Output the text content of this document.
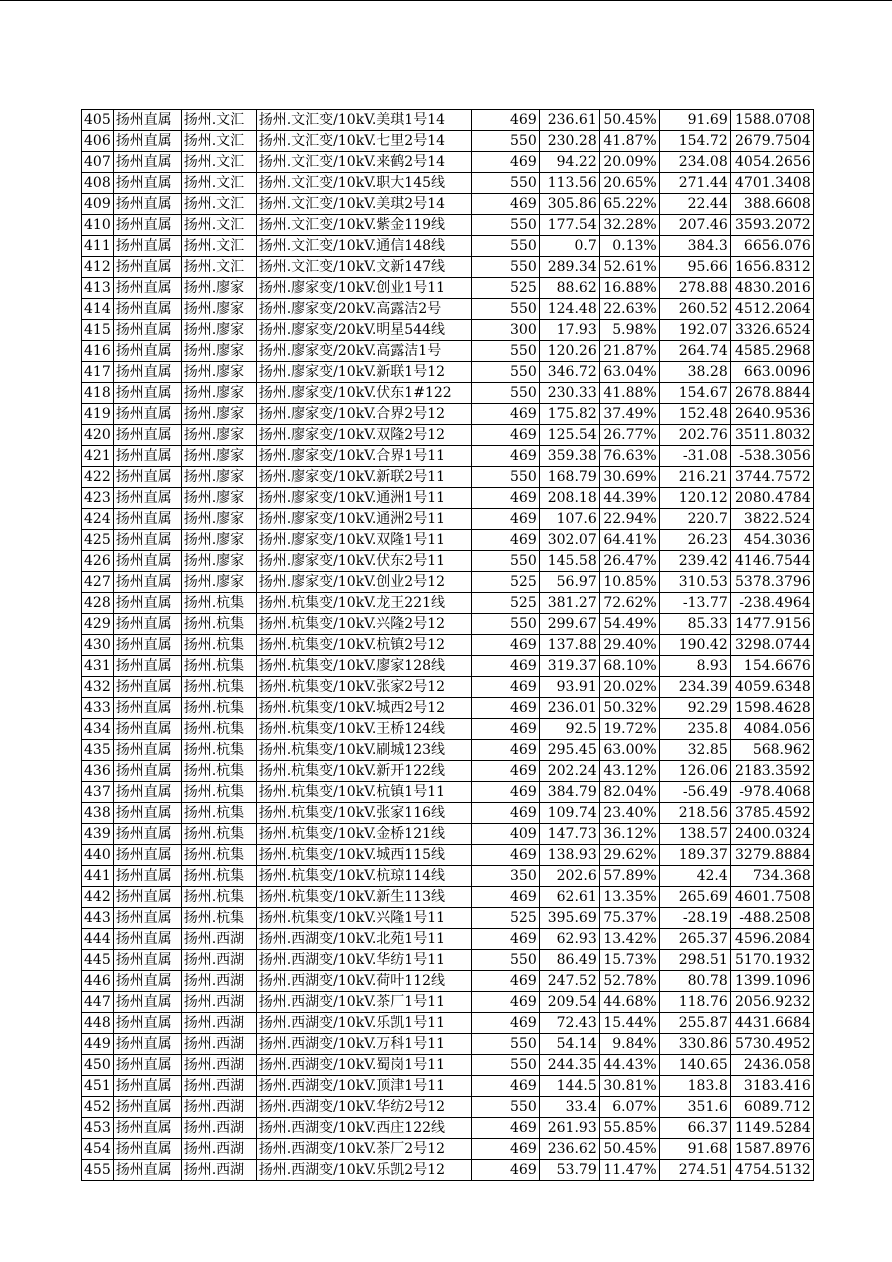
405	扬州直属	扬州.文汇	扬州.文汇变/10kV.美琪1号14	469	236.61	50.45%	91.69	1588.0708
406	扬州直属	扬州.文汇	扬州.文汇变/10kV.七里2号14	550	230.28	41.87%	154.72	2679.7504
407	扬州直属	扬州.文汇	扬州.文汇变/10kV.来鹤2号14	469	94.22	20.09%	234.08	4054.2656
408	扬州直属	扬州.文汇	扬州.文汇变/10kV.职大145线	550	113.56	20.65%	271.44	4701.3408
409	扬州直属	扬州.文汇	扬州.文汇变/10kV.美琪2号14	469	305.86	65.22%	22.44	388.6608
410	扬州直属	扬州.文汇	扬州.文汇变/10kV.紫金119线	550	177.54	32.28%	207.46	3593.2072
411	扬州直属	扬州.文汇	扬州.文汇变/10kV.通信148线	550	0.7	0.13%	384.3	6656.076
412	扬州直属	扬州.文汇	扬州.文汇变/10kV.文新147线	550	289.34	52.61%	95.66	1656.8312
413	扬州直属	扬州.廖家	扬州.廖家变/10kV.创业1号11	525	88.62	16.88%	278.88	4830.2016
414	扬州直属	扬州.廖家	扬州.廖家变/20kV.高露洁2号	550	124.48	22.63%	260.52	4512.2064
415	扬州直属	扬州.廖家	扬州.廖家变/20kV.明星544线	300	17.93	5.98%	192.07	3326.6524
416	扬州直属	扬州.廖家	扬州.廖家变/20kV.高露洁1号	550	120.26	21.87%	264.74	4585.2968
417	扬州直属	扬州.廖家	扬州.廖家变/10kV.新联1号12	550	346.72	63.04%	38.28	663.0096
418	扬州直属	扬州.廖家	扬州.廖家变/10kV.伏东1#122	550	230.33	41.88%	154.67	2678.8844
419	扬州直属	扬州.廖家	扬州.廖家变/10kV.合界2号12	469	175.82	37.49%	152.48	2640.9536
420	扬州直属	扬州.廖家	扬州.廖家变/10kV.双隆2号12	469	125.54	26.77%	202.76	3511.8032
421	扬州直属	扬州.廖家	扬州.廖家变/10kV.合界1号11	469	359.38	76.63%	-31.08	-538.3056
422	扬州直属	扬州.廖家	扬州.廖家变/10kV.新联2号11	550	168.79	30.69%	216.21	3744.7572
423	扬州直属	扬州.廖家	扬州.廖家变/10kV.通洲1号11	469	208.18	44.39%	120.12	2080.4784
424	扬州直属	扬州.廖家	扬州.廖家变/10kV.通洲2号11	469	107.6	22.94%	220.7	3822.524
425	扬州直属	扬州.廖家	扬州.廖家变/10kV.双隆1号11	469	302.07	64.41%	26.23	454.3036
426	扬州直属	扬州.廖家	扬州.廖家变/10kV.伏东2号11	550	145.58	26.47%	239.42	4146.7544
427	扬州直属	扬州.廖家	扬州.廖家变/10kV.创业2号12	525	56.97	10.85%	310.53	5378.3796
428	扬州直属	扬州.杭集	扬州.杭集变/10kV.龙王221线	525	381.27	72.62%	-13.77	-238.4964
429	扬州直属	扬州.杭集	扬州.杭集变/10kV.兴隆2号12	550	299.67	54.49%	85.33	1477.9156
430	扬州直属	扬州.杭集	扬州.杭集变/10kV.杭镇2号12	469	137.88	29.40%	190.42	3298.0744
431	扬州直属	扬州.杭集	扬州.杭集变/10kV.廖家128线	469	319.37	68.10%	8.93	154.6676
432	扬州直属	扬州.杭集	扬州.杭集变/10kV.张家2号12	469	93.91	20.02%	234.39	4059.6348
433	扬州直属	扬州.杭集	扬州.杭集变/10kV.城西2号12	469	236.01	50.32%	92.29	1598.4628
434	扬州直属	扬州.杭集	扬州.杭集变/10kV.王桥124线	469	92.5	19.72%	235.8	4084.056
435	扬州直属	扬州.杭集	扬州.杭集变/10kV.刷城123线	469	295.45	63.00%	32.85	568.962
436	扬州直属	扬州.杭集	扬州.杭集变/10kV.新开122线	469	202.24	43.12%	126.06	2183.3592
437	扬州直属	扬州.杭集	扬州.杭集变/10kV.杭镇1号11	469	384.79	82.04%	-56.49	-978.4068
438	扬州直属	扬州.杭集	扬州.杭集变/10kV.张家116线	469	109.74	23.40%	218.56	3785.4592
439	扬州直属	扬州.杭集	扬州.杭集变/10kV.金桥121线	409	147.73	36.12%	138.57	2400.0324
440	扬州直属	扬州.杭集	扬州.杭集变/10kV.城西115线	469	138.93	29.62%	189.37	3279.8884
441	扬州直属	扬州.杭集	扬州.杭集变/10kV.杭琼114线	350	202.6	57.89%	42.4	734.368
442	扬州直属	扬州.杭集	扬州.杭集变/10kV.新生113线	469	62.61	13.35%	265.69	4601.7508
443	扬州直属	扬州.杭集	扬州.杭集变/10kV.兴隆1号11	525	395.69	75.37%	-28.19	-488.2508
444	扬州直属	扬州.西湖	扬州.西湖变/10kV.北苑1号11	469	62.93	13.42%	265.37	4596.2084
445	扬州直属	扬州.西湖	扬州.西湖变/10kV.华纺1号11	550	86.49	15.73%	298.51	5170.1932
446	扬州直属	扬州.西湖	扬州.西湖变/10kV.荷叶112线	469	247.52	52.78%	80.78	1399.1096
447	扬州直属	扬州.西湖	扬州.西湖变/10kV.茶厂1号11	469	209.54	44.68%	118.76	2056.9232
448	扬州直属	扬州.西湖	扬州.西湖变/10kV.乐凯1号11	469	72.43	15.44%	255.87	4431.6684
449	扬州直属	扬州.西湖	扬州.西湖变/10kV.万科1号11	550	54.14	9.84%	330.86	5730.4952
450	扬州直属	扬州.西湖	扬州.西湖变/10kV.蜀岗1号11	550	244.35	44.43%	140.65	2436.058
451	扬州直属	扬州.西湖	扬州.西湖变/10kV.顶津1号11	469	144.5	30.81%	183.8	3183.416
452	扬州直属	扬州.西湖	扬州.西湖变/10kV.华纺2号12	550	33.4	6.07%	351.6	6089.712
453	扬州直属	扬州.西湖	扬州.西湖变/10kV.西庄122线	469	261.93	55.85%	66.37	1149.5284
454	扬州直属	扬州.西湖	扬州.西湖变/10kV.茶厂2号12	469	236.62	50.45%	91.68	1587.8976
455	扬州直属	扬州.西湖	扬州.西湖变/10kV.乐凯2号12	469	53.79	11.47%	274.51	4754.5132
